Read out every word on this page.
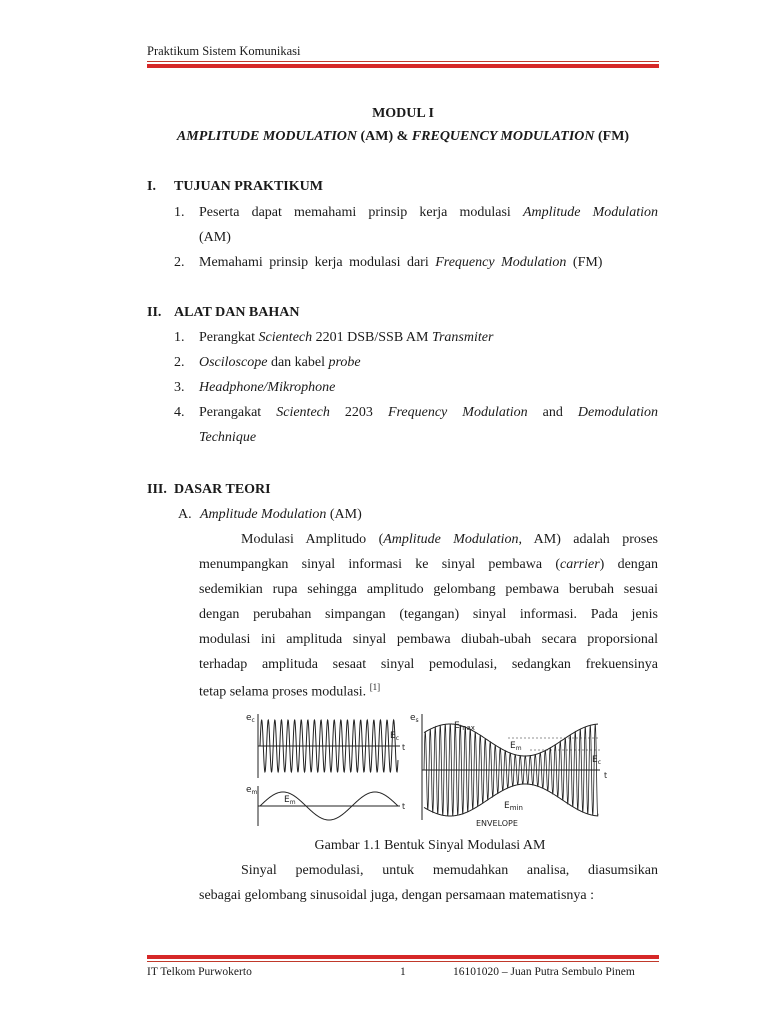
Praktikum Sistem Komunikasi
MODUL I
AMPLITUDE MODULATION (AM) & FREQUENCY MODULATION (FM)
I. TUJUAN PRAKTIKUM
1. Peserta dapat memahami prinsip kerja modulasi Amplitude Modulation
(AM)
2. Memahami prinsip kerja modulasi dari Frequency Modulation (FM)
II. ALAT DAN BAHAN
1. Perangkat Scientech 2201 DSB/SSB AM Transmiter
2. Osciloscope dan kabel probe
3. Headphone/Mikrophone
4. Perangakat Scientech 2203 Frequency Modulation and Demodulation
Technique
III. DASAR TEORI
A. Amplitude Modulation (AM)
Modulasi Amplitudo (Amplitude Modulation, AM) adalah proses
menumpangkan sinyal informasi ke sinyal pembawa (carrier) dengan
sedemikian rupa sehingga amplitudo gelombang pembawa berubah sesuai
dengan perubahan simpangan (tegangan) sinyal informasi. Pada jenis
modulasi ini amplituda sinyal pembawa diubah-ubah secara proporsional
terhadap amplituda sesaat sinyal pemodulasi, sedangkan frekuensinya
tetap selama proses modulasi. [1]
$e_c$
$E_c$
t
$e_m$
$E_m$	t
$e_s$
$E_{max}$
$E_m$
$E_c$
t
$E_{min}$
ENVELOPE
Gambar 1.1 Bentuk Sinyal Modulasi AM
Sinyal pemodulasi, untuk memudahkan analisa, diasumsikan
sebagai gelombang sinusoidal juga, dengan persamaan matematisnya :
IT Telkom Purwokerto	1	16101020 – Juan Putra Sembulo Pinem
